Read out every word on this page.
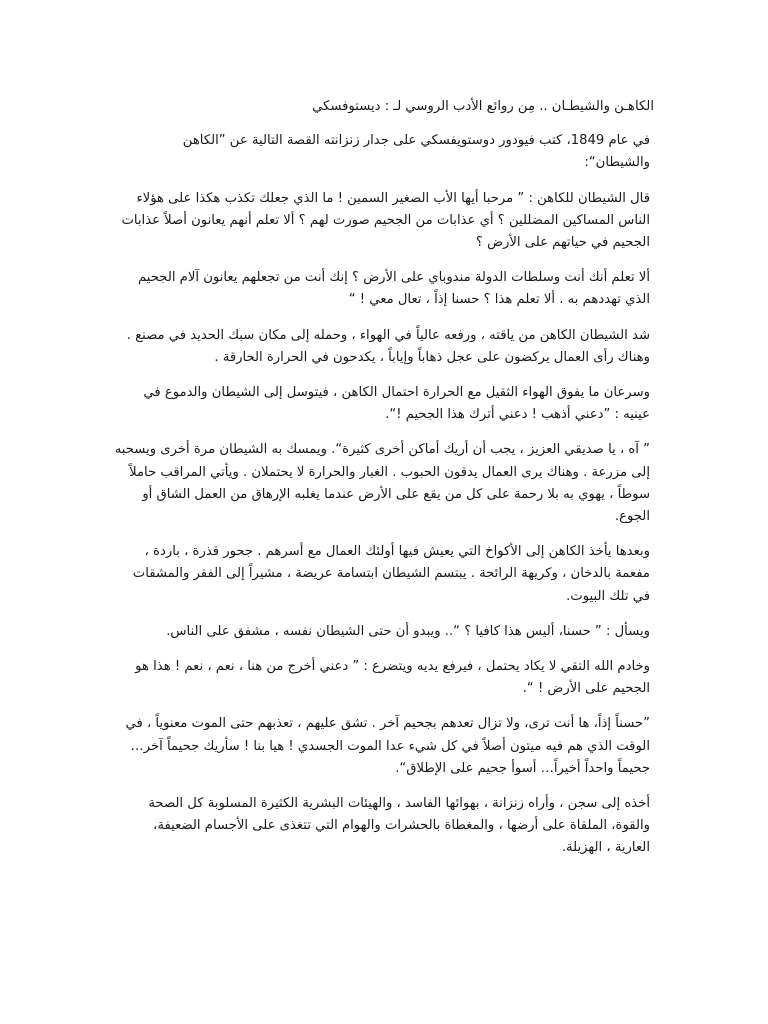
الكاهـن والشيطـان .. مِن روائع الأدب الروسي لـ : ديستوفسكي

في عام 1849، كتب فيودور دوستويفسكي على جدار زنزانته القصة التالية عن ”الكاهن والشيطان“:

قال الشيطان للكاهن : ” مرحبا أيها الأب الصغير السمين ! ما الذي جعلك تكذب هكذا على هؤلاء الناس المساكين المضللين ؟ أي عذابات من الجحيم صورت لهم ؟ ألا تعلم أنهم يعانون أصلاً عذابات الجحيم في حياتهم على الأرض ؟

ألا تعلم أنك أنت وسلطات الدولة مندوباي على الأرض ؟ إنك أنت من تجعلهم يعانون آلام الجحيم الذي تهددهم به . ألا تعلم هذا ؟ حسنا إذاً ، تعال معي ! “

شد الشيطان الكاهن من ياقته ، ورفعه عالياً في الهواء ، وحمله إلى مكان سبك الحديد في مصنع . وهناك رأى العمال يركضون على عجل ذهاباً وإياباً ، يكدحون في الحرارة الحارقة .

وسرعان ما يفوق الهواء الثقيل مع الحرارة احتمال الكاهن ، فيتوسل إلى الشيطان والدموع في عينيه : ”دعني أذهب ! دعني أترك هذا الجحيم !“.

” آه ، يا صديقي العزيز ، يجب أن أريك أماكن أخرى كثيرة“. ويمسك به الشيطان مرة أخرى ويسحبه إلى مزرعة . وهناك يرى العمال يدقون الحبوب . الغبار والحرارة لا يحتملان . ويأتي المراقب حاملاً سوطاً ، يهوي به بلا رحمة على كل من يقع على الأرض عندما يغلبه الإرهاق من العمل الشاق أو الجوع.

وبعدها يأخذ الكاهن إلى الأكواخ التي يعيش فيها أولئك العمال مع أسرهم . جحور قذرة ، باردة ، مفعمة بالدخان ، وكريهة الرائحة . يبتسم الشيطان ابتسامة عريضة ، مشيراً إلى الفقر والمشقات في تلك البيوت.

ويسأل : ” حسنا، أليس هذا كافيا ؟ “.. ويبدو أن حتى الشيطان نفسه ، مشفق على الناس.

وخادم الله التقي لا يكاد يحتمل ، فيرفع يديه ويتضرع : ” دعني أخرج من هنا ، نعم ، نعم ! هذا هو الجحيم على الأرض ! “.

”حسناً إذاً، ها أنت ترى، ولا تزال تعدهم بجحيم آخر . تشق عليهم ، تعذبهم حتى الموت معنوياً ، في الوقت الذي هم فيه ميتون أصلاً في كل شيء عدا الموت الجسدي ! هيا بنا ! سأريك جحيماً آخر… جحيماً واحداً أخيراً… أسوأ جحيم على الإطلاق“.

أخذه إلى سجن ، وأراه زنزانة ، بهوائها الفاسد ، والهيئات البشرية الكثيرة المسلوبة كل الصحة والقوة، الملقاة على أرضها ، والمغطاة بالحشرات والهوام التي تتغذى على الأجسام الضعيفة، العارية ، الهزيلة.
